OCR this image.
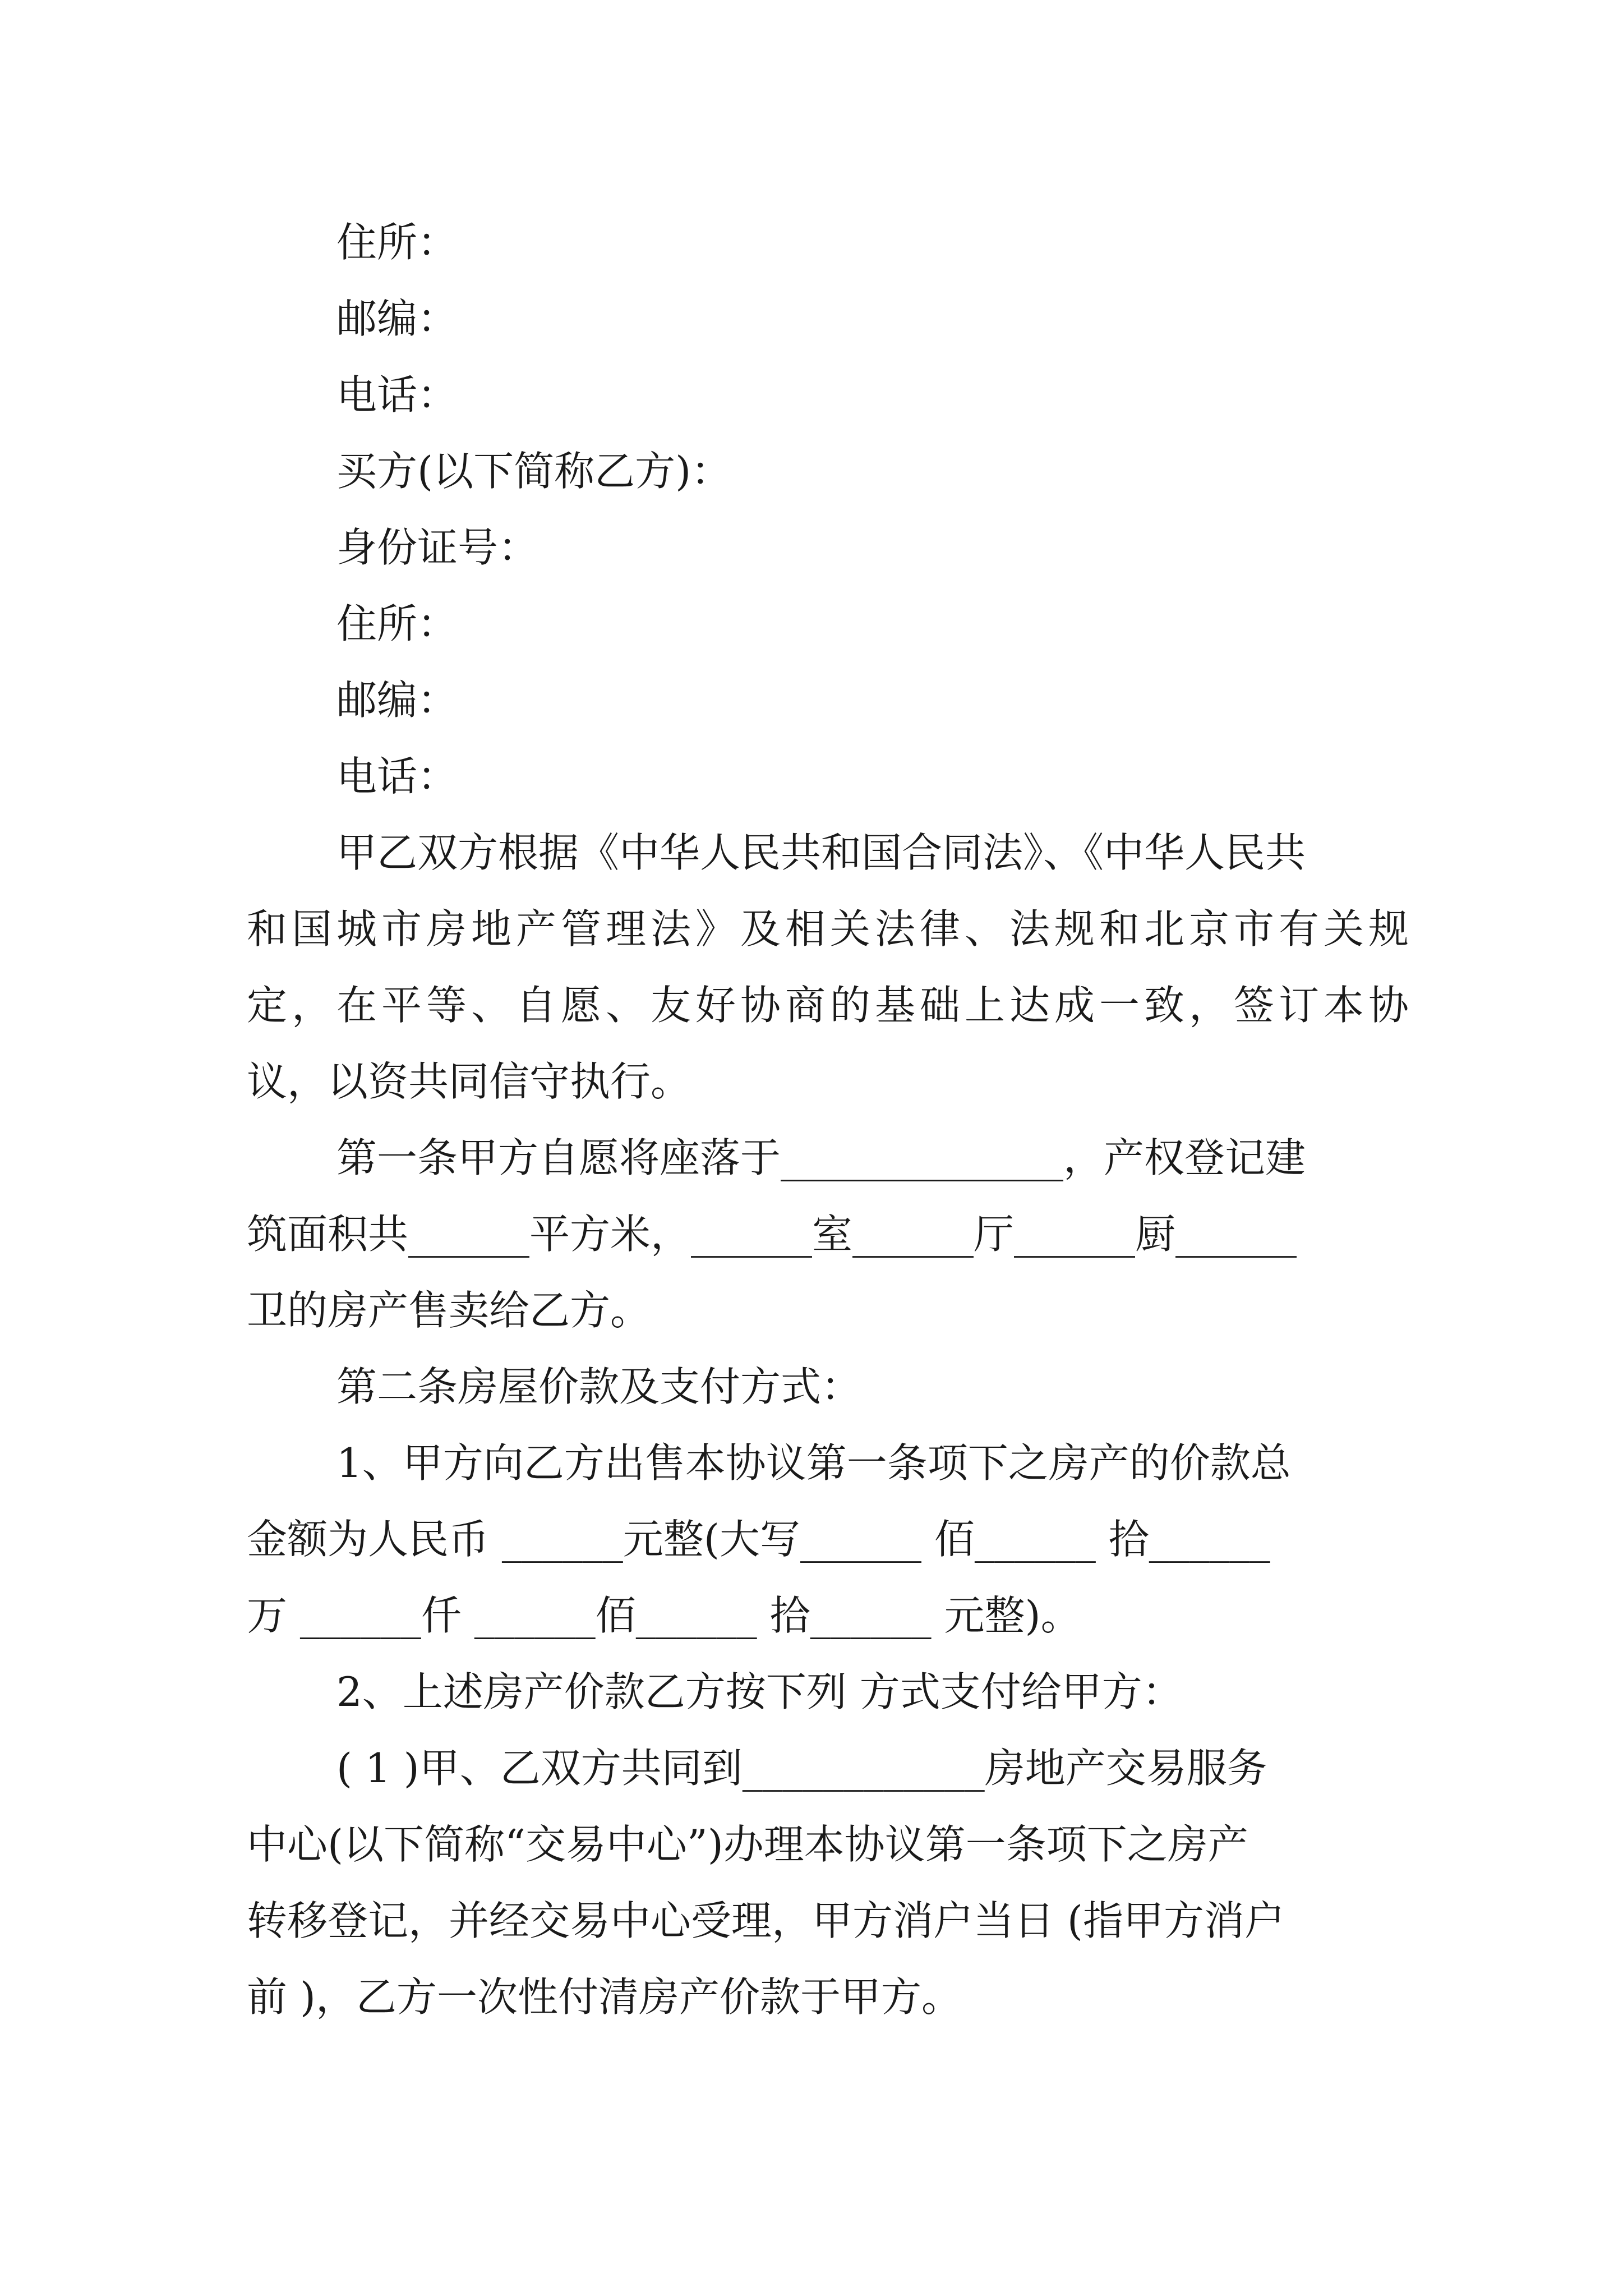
住所：
邮编：
电话：
买方(以下简称乙方)：
身份证号：
住所：
邮编：
电话：
甲乙双方根据《中华人民共和国合同法》、《中华人民共
和国城市房地产管理法》及相关法律、法规和北京市有关规
定，在平等、自愿、友好协商的基础上达成一致，签订本协
议，以资共同信守执行。
第一条甲方自愿将座落于______________，产权登记建
筑面积共______平方米，______室______厅______厨______
卫的房产售卖给乙方。
第二条房屋价款及支付方式：
1、甲方向乙方出售本协议第一条项下之房产的价款总
金额为人民币 ______元整(大写______ 佰______ 拾______
万 ______仟 ______佰______ 拾______ 元整)。
2、上述房产价款乙方按下列 方式支付给甲方：
( 1 )甲、乙双方共同到____________房地产交易服务
中心(以下简称“交易中心”)办理本协议第一条项下之房产
转移登记，并经交易中心受理，甲方消户当日 (指甲方消户
前 )，乙方一次性付清房产价款于甲方。
